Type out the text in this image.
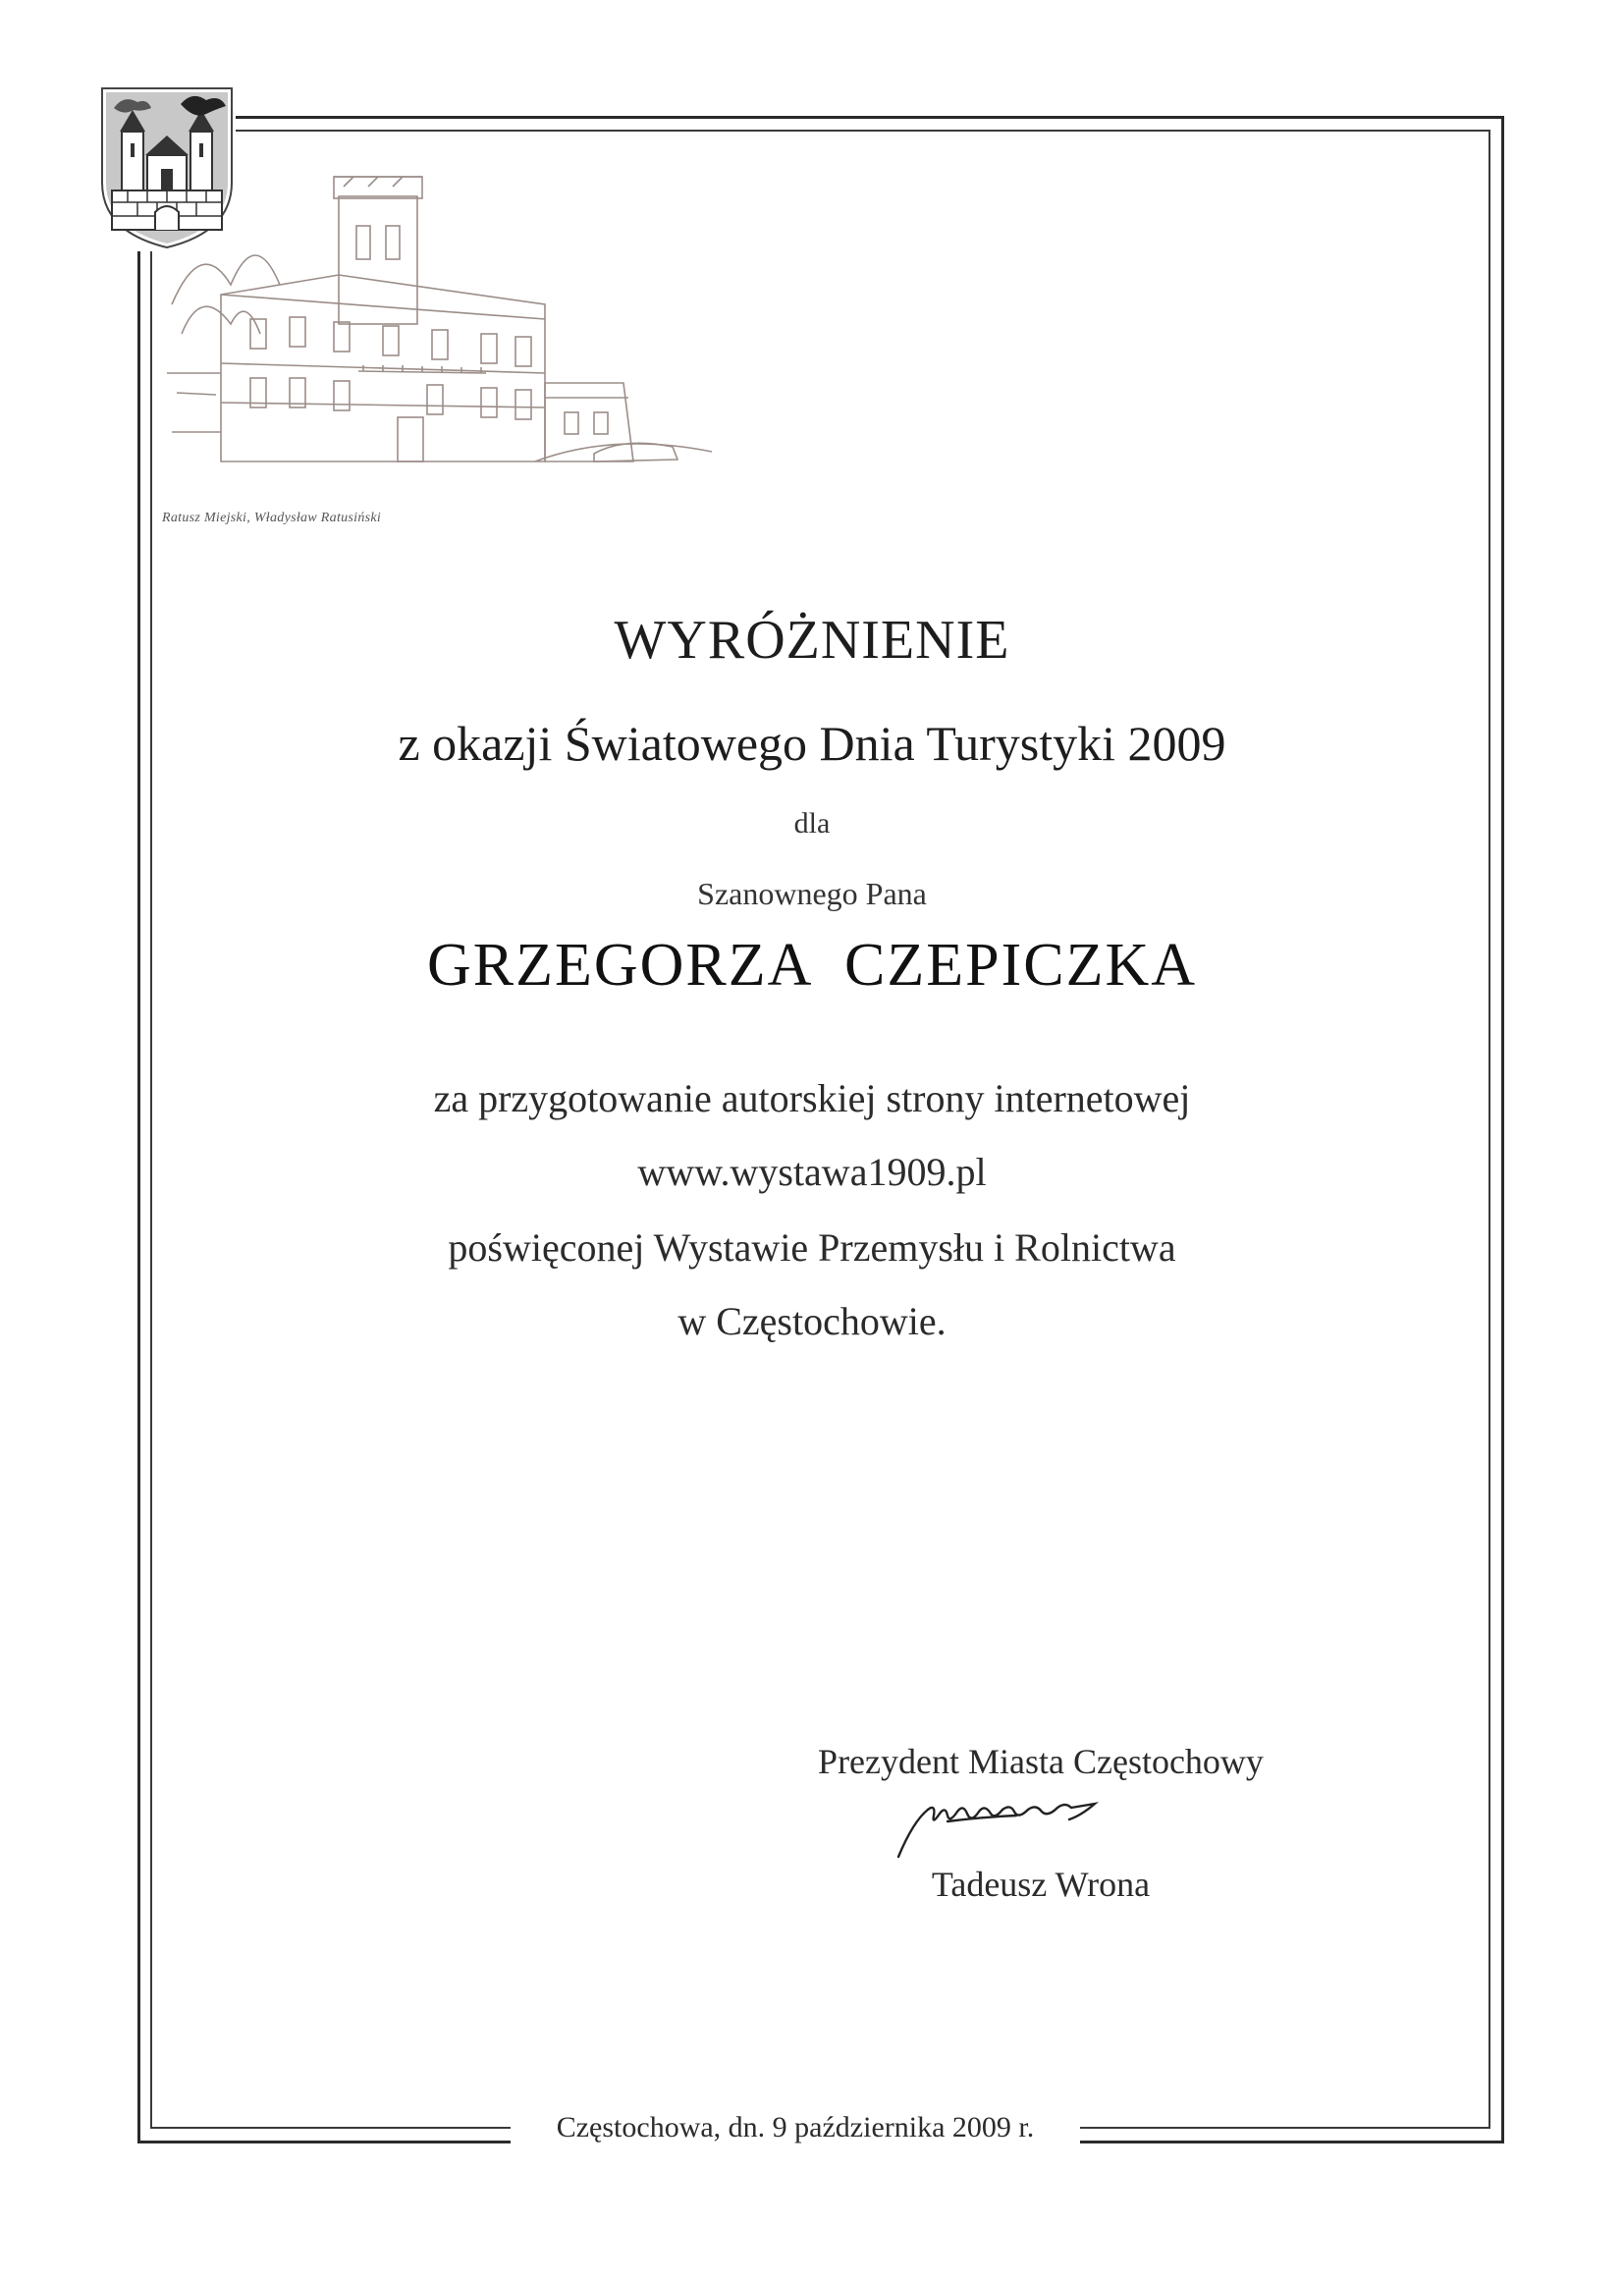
Ratusz Miejski, Władysław Ratusiński
WYRÓŻNIENIE
z okazji Światowego Dnia Turystyki 2009
dla
Szanownego Pana
GRZEGORZA  CZEPICZKA
za przygotowanie autorskiej strony internetowej
www.wystawa1909.pl
poświęconej Wystawie Przemysłu i Rolnictwa
w Częstochowie.
Prezydent Miasta Częstochowy
Tadeusz Wrona
Częstochowa, dn. 9 października 2009 r.
